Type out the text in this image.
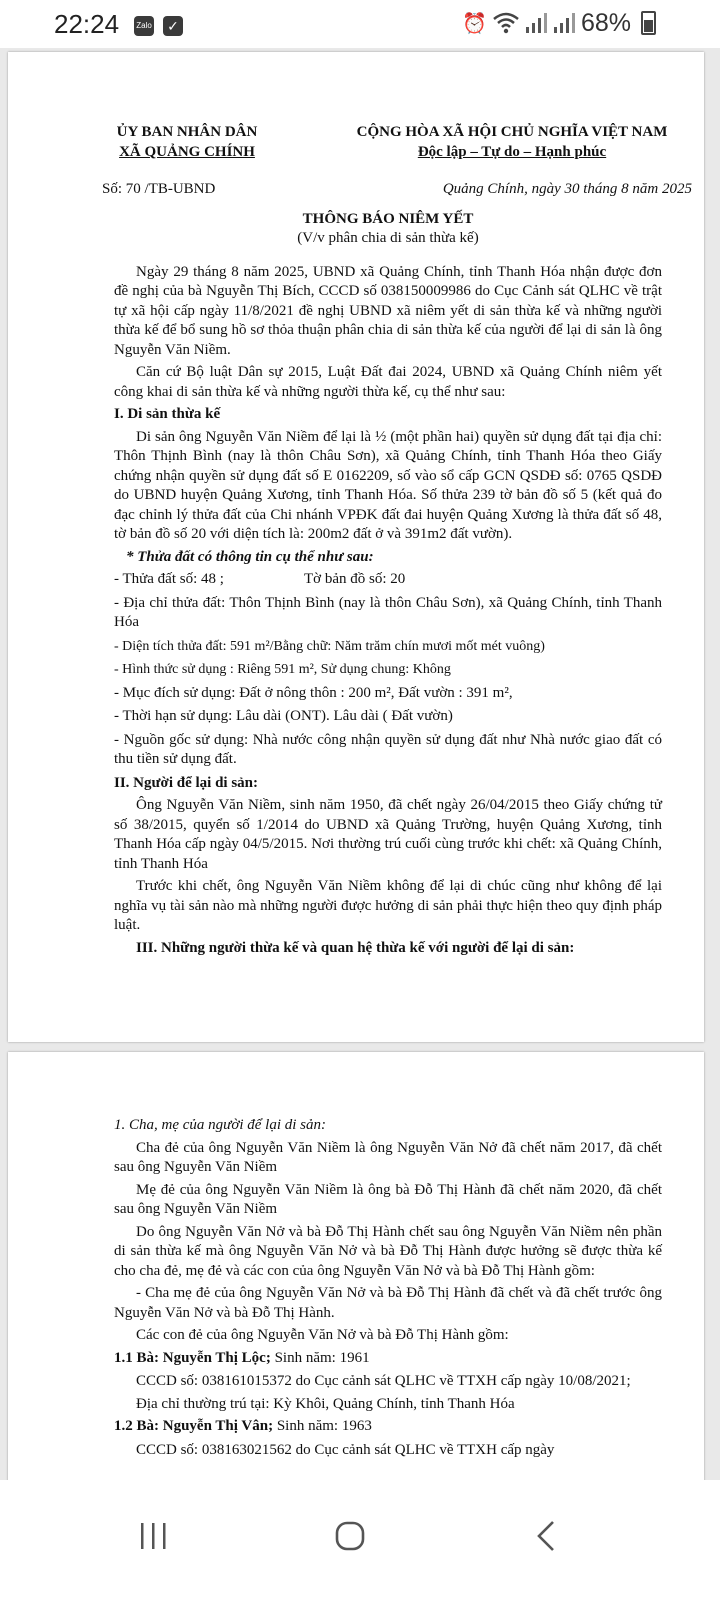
22:24 Zalo ✓	⏰	68%
ỦY BAN NHÂN DÂN
XÃ QUẢNG CHÍNH
CỘNG HÒA XÃ HỘI CHỦ NGHĨA VIỆT NAM
Độc lập – Tự do – Hạnh phúc
Số: 70 /TB-UBND	Quảng Chính, ngày 30 tháng 8 năm 2025
THÔNG BÁO NIÊM YẾT
(V/v phân chia di sản thừa kế)

Ngày 29 tháng 8 năm 2025, UBND xã Quảng Chính, tỉnh Thanh Hóa nhận được đơn đề nghị của bà Nguyễn Thị Bích, CCCD số 038150009986 do Cục Cảnh sát QLHC về trật tự xã hội cấp ngày 11/8/2021 đề nghị UBND xã niêm yết di sản thừa kế và những người thừa kế để bổ sung hồ sơ thỏa thuận phân chia di sản thừa kế của người để lại di sản là ông Nguyễn Văn Niềm.

Căn cứ Bộ luật Dân sự 2015, Luật Đất đai 2024, UBND xã Quảng Chính niêm yết công khai di sản thừa kế và những người thừa kế, cụ thể như sau:

I. Di sản thừa kế

Di sản ông Nguyễn Văn Niềm để lại là ½ (một phần hai) quyền sử dụng đất tại địa chỉ: Thôn Thịnh Bình (nay là thôn Châu Sơn), xã Quảng Chính, tỉnh Thanh Hóa theo Giấy chứng nhận quyền sử dụng đất số E 0162209, số vào sổ cấp GCN QSDĐ số: 0765 QSDĐ do UBND huyện Quảng Xương, tỉnh Thanh Hóa. Số thửa 239 tờ bản đồ số 5 (kết quả đo đạc chỉnh lý thửa đất của Chi nhánh VPĐK đất đai huyện Quảng Xương là thửa đất số 48, tờ bản đồ số 20 với diện tích là: 200m2 đất ở và 391m2 đất vườn).

* Thửa đất có thông tin cụ thể như sau:
- Thửa đất số: 48 ;	Tờ bản đồ số: 20

- Địa chỉ thửa đất: Thôn Thịnh Bình (nay là thôn Châu Sơn), xã Quảng Chính, tỉnh Thanh Hóa

- Diện tích thửa đất: 591 m²/Bằng chữ: Năm trăm chín mươi mốt mét vuông)
- Hình thức sử dụng : Riêng 591 m², Sử dụng chung: Không
- Mục đích sử dụng: Đất ở nông thôn : 200 m², Đất vườn : 391 m²,
- Thời hạn sử dụng: Lâu dài (ONT). Lâu dài ( Đất vườn)

- Nguồn gốc sử dụng: Nhà nước công nhận quyền sử dụng đất như Nhà nước giao đất có thu tiền sử dụng đất.

II. Người để lại di sản:

Ông Nguyễn Văn Niềm, sinh năm 1950, đã chết ngày 26/04/2015 theo Giấy chứng tử số 38/2015, quyển số 1/2014 do UBND xã Quảng Trường, huyện Quảng Xương, tỉnh Thanh Hóa cấp ngày 04/5/2015. Nơi thường trú cuối cùng trước khi chết: xã Quảng Chính, tỉnh Thanh Hóa

Trước khi chết, ông Nguyễn Văn Niềm không để lại di chúc cũng như không để lại nghĩa vụ tài sản nào mà những người được hưởng di sản phải thực hiện theo quy định pháp luật.

III. Những người thừa kế và quan hệ thừa kế với người để lại di sản:
1. Cha, mẹ của người để lại di sản:

Cha đẻ của ông Nguyễn Văn Niềm là ông Nguyễn Văn Nở đã chết năm 2017, đã chết sau ông Nguyễn Văn Niềm

Mẹ đẻ của ông Nguyễn Văn Niềm là ông bà Đỗ Thị Hành đã chết năm 2020, đã chết sau ông Nguyễn Văn Niềm

Do ông Nguyễn Văn Nở và bà Đỗ Thị Hành chết sau ông Nguyễn Văn Niềm nên phần di sản thừa kế mà ông Nguyễn Văn Nở và bà Đỗ Thị Hành được hưởng sẽ được thừa kế cho cha đẻ, mẹ đẻ và các con của ông Nguyễn Văn Nở và bà Đỗ Thị Hành gồm:

- Cha mẹ đẻ của ông Nguyễn Văn Nở và bà Đỗ Thị Hành đã chết và đã chết trước ông Nguyễn Văn Nở và bà Đỗ Thị Hành.

Các con đẻ của ông Nguyễn Văn Nở và bà Đỗ Thị Hành gồm:

1.1 Bà: Nguyễn Thị Lộc; Sinh năm: 1961

CCCD số: 038161015372 do Cục cảnh sát QLHC về TTXH cấp ngày 10/08/2021;

Địa chỉ thường trú tại: Kỳ Khôi, Quảng Chính, tỉnh Thanh Hóa

1.2 Bà: Nguyễn Thị Vân; Sinh năm: 1963

CCCD số: 038163021562 do Cục cảnh sát QLHC về TTXH cấp ngày
